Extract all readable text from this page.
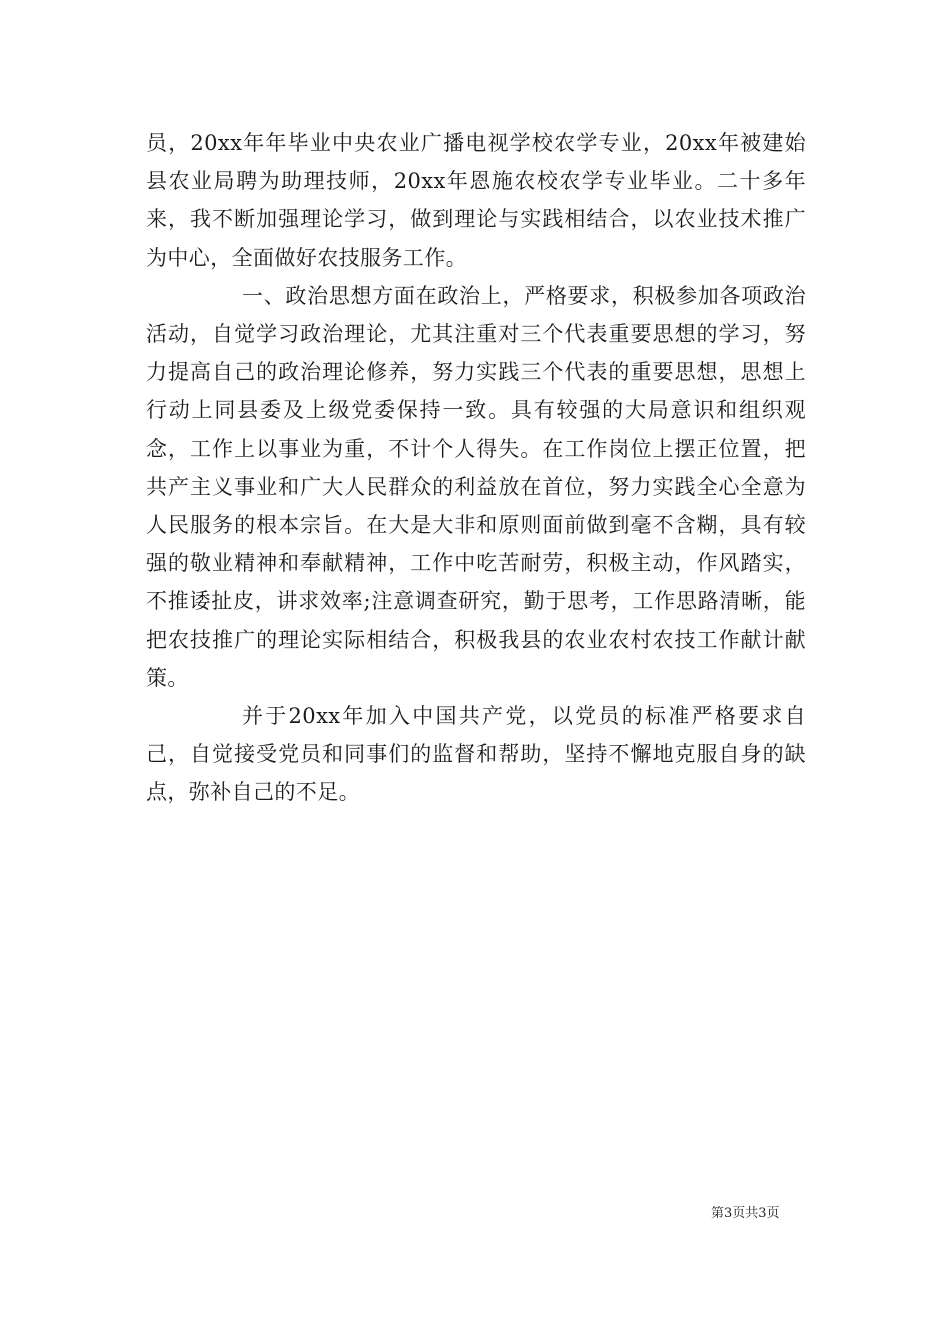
员，20xx年年毕业中央农业广播电视学校农学专业，20xx年被建始县农业局聘为助理技师，20xx年恩施农校农学专业毕业。二十多年来，我不断加强理论学习，做到理论与实践相结合，以农业技术推广为中心，全面做好农技服务工作。

一、政治思想方面在政治上，严格要求，积极参加各项政治活动，自觉学习政治理论，尤其注重对三个代表重要思想的学习，努力提高自己的政治理论修养，努力实践三个代表的重要思想，思想上行动上同县委及上级党委保持一致。具有较强的大局意识和组织观念，工作上以事业为重，不计个人得失。在工作岗位上摆正位置，把共产主义事业和广大人民群众的利益放在首位，努力实践全心全意为人民服务的根本宗旨。在大是大非和原则面前做到毫不含糊，具有较强的敬业精神和奉献精神，工作中吃苦耐劳，积极主动，作风踏实，不推诿扯皮，讲求效率;注意调查研究，勤于思考，工作思路清晰，能把农技推广的理论实际相结合，积极我县的农业农村农技工作献计献策。

并于20xx年加入中国共产党，以党员的标准严格要求自己，自觉接受党员和同事们的监督和帮助，坚持不懈地克服自身的缺点，弥补自己的不足。

第3页共3页
